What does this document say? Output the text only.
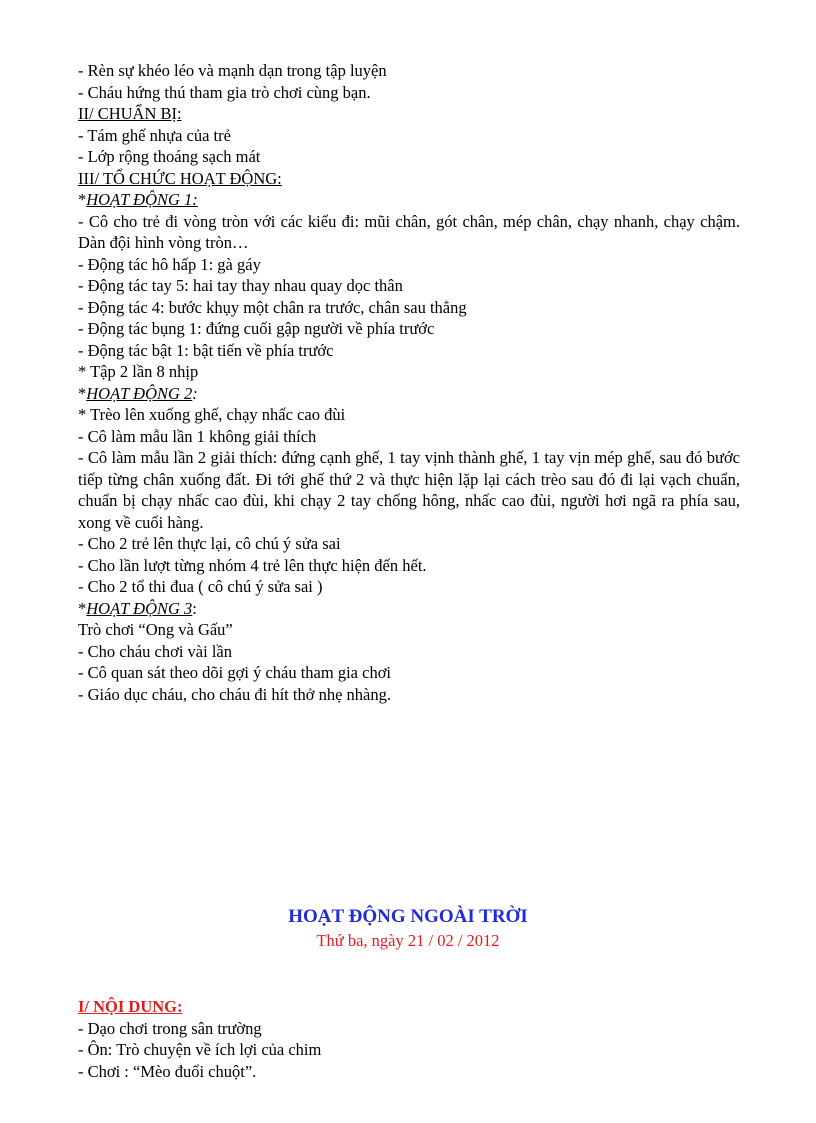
- Rèn sự khéo léo và mạnh dạn trong tập luyện
- Cháu hứng thú tham gia trò chơi cùng bạn.
II/ CHUẨN BỊ:
- Tám ghế nhựa của trẻ
- Lớp rộng thoáng sạch mát
III/ TỔ CHỨC HOẠT ĐỘNG:
*HOẠT ĐỘNG 1:
- Cô cho trẻ đi vòng tròn với các kiểu đi: mũi chân, gót chân, mép chân, chạy nhanh, chạy chậm. Dàn đội hình vòng tròn…
- Động tác hô hấp 1: gà gáy
- Động tác tay 5: hai tay thay nhau quay dọc thân
- Động tác 4: bước khụy một chân ra trước, chân sau thẳng
- Động tác bụng 1: đứng cuối gập người về phía trước
- Động tác bật 1: bật tiến về phía trước
* Tập 2 lần 8 nhịp
*HOẠT ĐỘNG 2:
* Trèo lên xuống ghế, chạy nhấc cao đùi
- Cô làm mẫu lần 1 không giải thích
- Cô làm mẫu lần 2 giải thích: đứng cạnh ghế, 1 tay vịnh thành ghế, 1 tay vịn mép ghế, sau đó bước tiếp từng chân xuống đất. Đi tới ghế thứ 2 và thực hiện lặp lại cách trèo sau đó đi lại vạch chuẩn, chuẩn bị chạy nhấc cao đùi, khi chạy 2 tay chống hông, nhấc cao đùi, người hơi ngã ra phía sau, xong về cuối hàng.
- Cho 2 trẻ lên thực lại, cô chú ý sửa sai
- Cho lần lượt từng nhóm 4 trẻ lên thực hiện đến hết.
- Cho 2 tổ thi đua ( cô chú ý sửa sai )
*HOẠT ĐỘNG 3:
Trò chơi “Ong và Gấu”
- Cho cháu chơi vài lần
- Cô quan sát theo dõi gợi ý cháu tham gia chơi
- Giáo dục cháu, cho cháu đi hít thở nhẹ nhàng.
HOẠT ĐỘNG NGOÀI TRỜI
Thứ ba, ngày 21 / 02 / 2012
I/ NỘI DUNG:
- Dạo chơi trong sân trường
- Ôn: Trò chuyện về ích lợi của chim
- Chơi : “Mèo đuổi chuột”.
